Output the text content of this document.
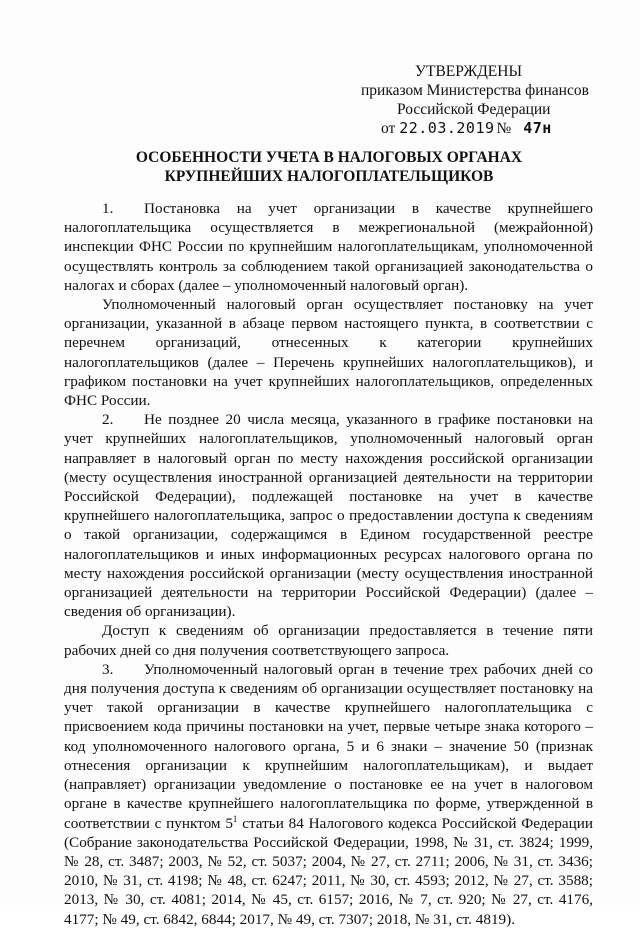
УТВЕРЖДЕНЫ
приказом Министерства финансов
Российской Федерации
от 22.03.2019 № 47н
ОСОБЕННОСТИ УЧЕТА В НАЛОГОВЫХ ОРГАНАХ
КРУПНЕЙШИХ НАЛОГОПЛАТЕЛЬЩИКОВ

1. Постановка на учет организации в качестве крупнейшего налогоплательщика осуществляется в межрегиональной (межрайонной) инспекции ФНС России по крупнейшим налогоплательщикам, уполномоченной осуществлять контроль за соблюдением такой организацией законодательства о налогах и сборах (далее – уполномоченный налоговый орган).

Уполномоченный налоговый орган осуществляет постановку на учет организации, указанной в абзаце первом настоящего пункта, в соответствии с перечнем организаций, отнесенных к категории крупнейших налогоплательщиков (далее – Перечень крупнейших налогоплательщиков), и графиком постановки на учет крупнейших налогоплательщиков, определенных ФНС России.

2. Не позднее 20 числа месяца, указанного в графике постановки на учет крупнейших налогоплательщиков, уполномоченный налоговый орган направляет в налоговый орган по месту нахождения российской организации (месту осуществления иностранной организацией деятельности на территории Российской Федерации), подлежащей постановке на учет в качестве крупнейшего налогоплательщика, запрос о предоставлении доступа к сведениям о такой организации, содержащимся в Едином государственной реестре налогоплательщиков и иных информационных ресурсах налогового органа по месту нахождения российской организации (месту осуществления иностранной организацией деятельности на территории Российской Федерации) (далее – сведения об организации).

Доступ к сведениям об организации предоставляется в течение пяти рабочих дней со дня получения соответствующего запроса.

3. Уполномоченный налоговый орган в течение трех рабочих дней со дня получения доступа к сведениям об организации осуществляет постановку на учет такой организации в качестве крупнейшего налогоплательщика с присвоением кода причины постановки на учет, первые четыре знака которого – код уполномоченного налогового органа, 5 и 6 знаки – значение 50 (признак отнесения организации к крупнейшим налогоплательщикам), и выдает (направляет) организации уведомление о постановке ее на учет в налоговом органе в качестве крупнейшего налогоплательщика по форме, утвержденной в соответствии с пунктом $5^1$ статьи 84 Налогового кодекса Российской Федерации (Собрание законодательства Российской Федерации, 1998, № 31, ст. 3824; 1999, № 28, ст. 3487; 2003, № 52, ст. 5037; 2004, № 27, ст. 2711; 2006, № 31, ст. 3436; 2010, № 31, ст. 4198; № 48, ст. 6247; 2011, № 30, ст. 4593; 2012, № 27, ст. 3588; 2013, № 30, ст. 4081; 2014, № 45, ст. 6157; 2016, № 7, ст. 920; № 27, ст. 4176, 4177; № 49, ст. 6842, 6844; 2017, № 49, ст. 7307; 2018, № 31, ст. 4819).
